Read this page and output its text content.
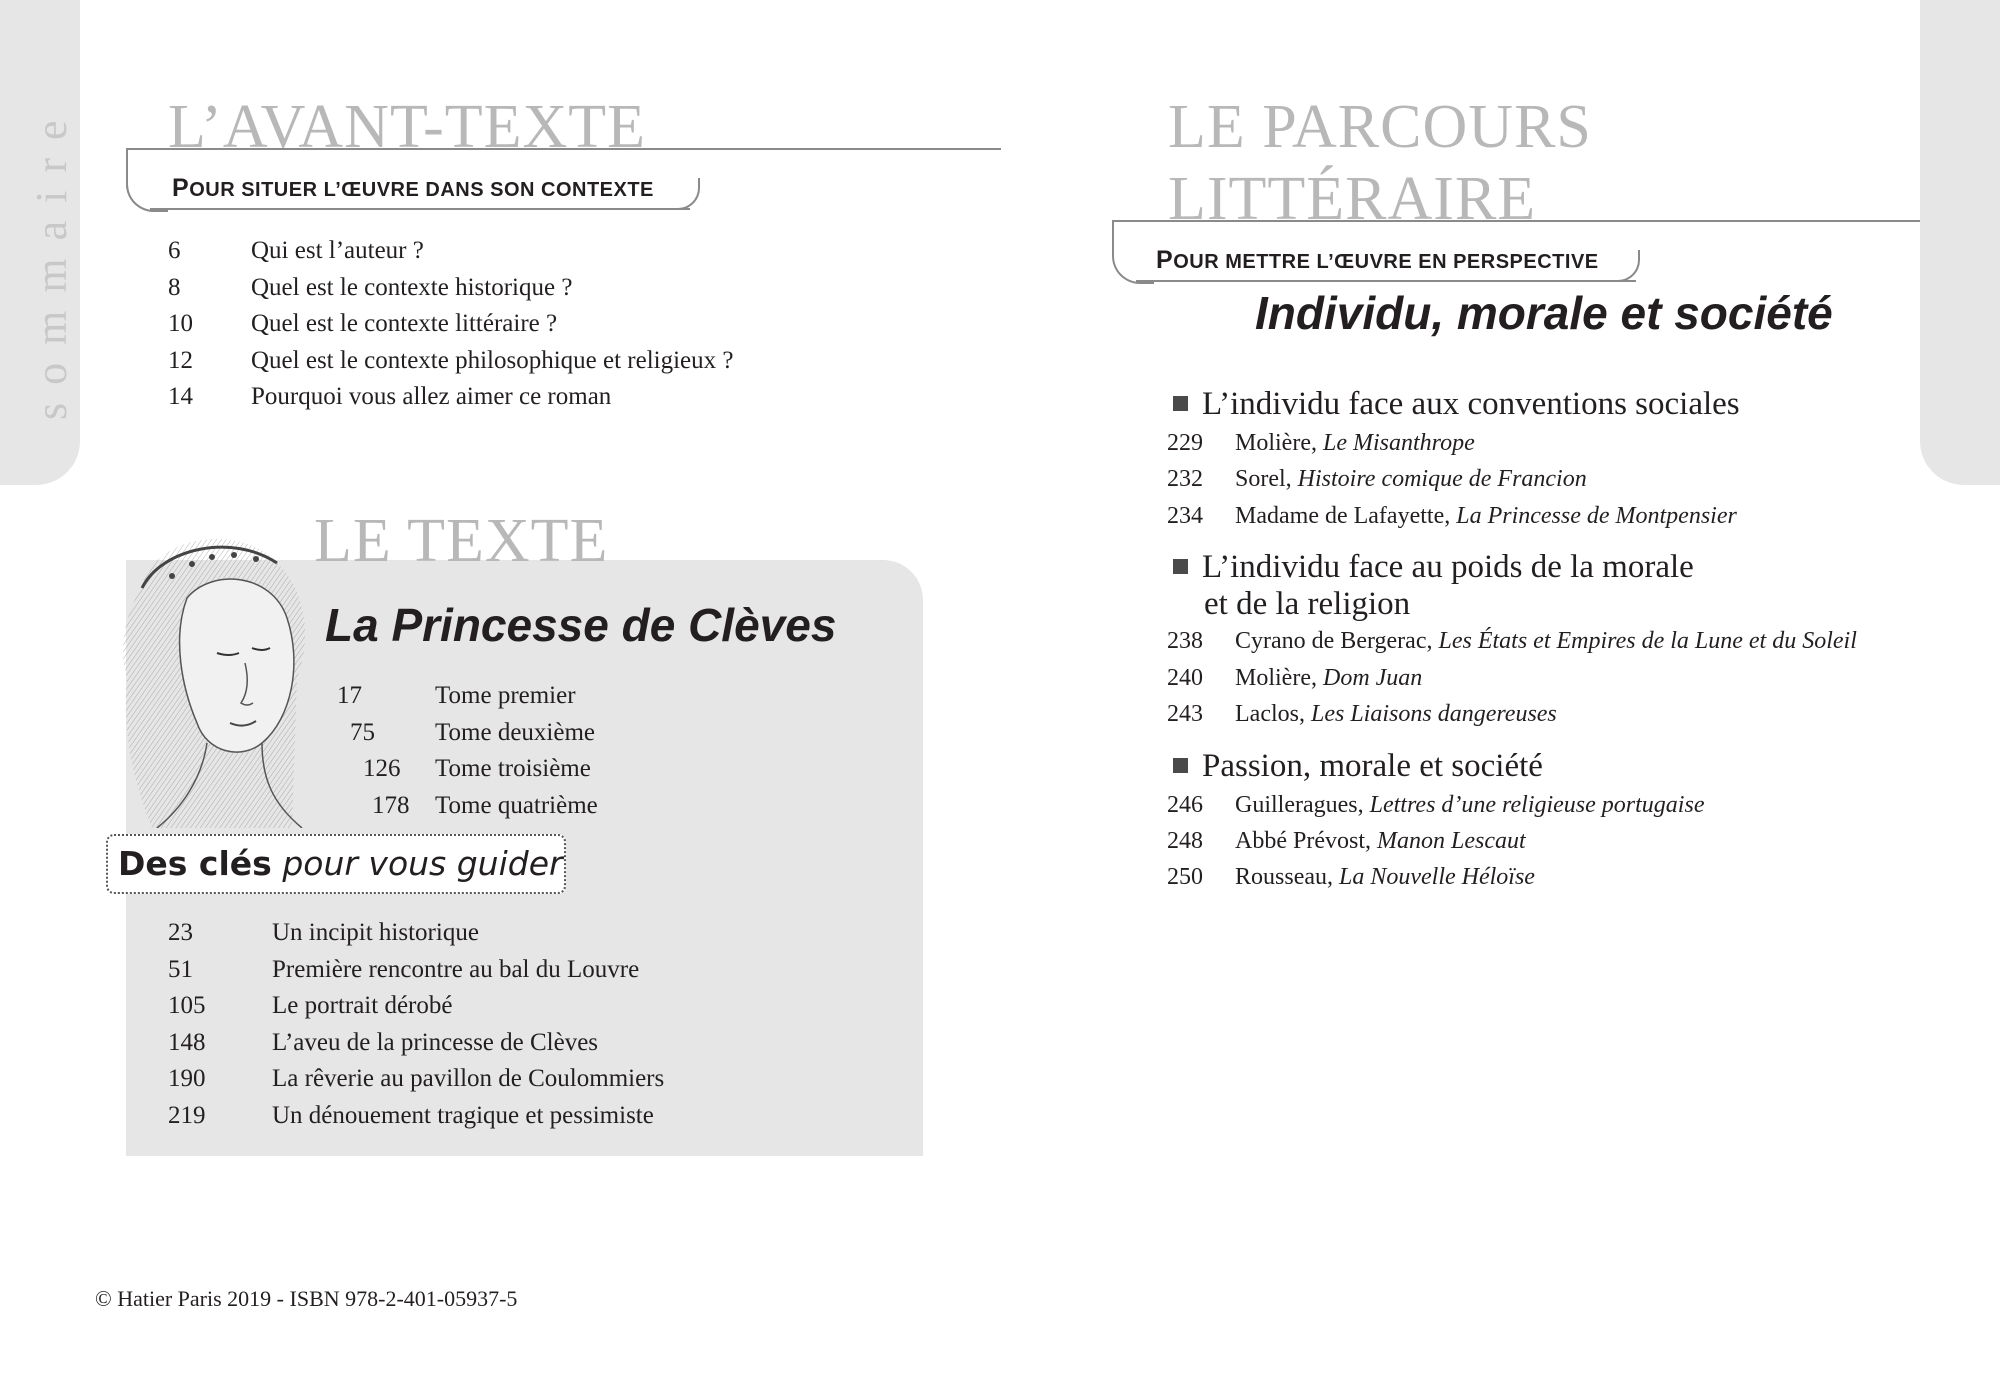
sommaire L’AVANT-TEXTE
POUR SITUER L’ŒUVRE DANS SON CONTEXTE
6	Qui est l’auteur ?
8	Quel est le contexte historique ?
10 Quel est le contexte littéraire ?
12 Quel est le contexte philosophique et religieux ?
14 Pourquoi vous allez aimer ce roman
LE TEXTE
La Princesse de Clèves
17	Tome premier
75 Tome deuxième
126 Tome troisième
178 Tome quatrième
Des clés pour vous guider
23	Un incipit historique
51	Première rencontre au bal du Louvre
105	Le portrait dérobé
148	L’aveu de la princesse de Clèves
190	La rêverie au pavillon de Coulommiers
219	Un dénouement tragique et pessimiste
LE PARCOURS
LITTÉRAIRE
POUR METTRE L’ŒUVRE EN PERSPECTIVE
Individu, morale et société
L’individu face aux conventions sociales
229 Molière, Le Misanthrope
232 Sorel, Histoire comique de Francion
234 Madame de Lafayette, La Princesse de Montpensier
L’individu face au poids de la morale
et de la religion
238 Cyrano de Bergerac, Les États et Empires de la Lune et du Soleil
240 Molière, Dom Juan
243 Laclos, Les Liaisons dangereuses
Passion, morale et société
246 Guilleragues, Lettres d’une religieuse portugaise
248 Abbé Prévost, Manon Lescaut
250 Rousseau, La Nouvelle Héloïse
© Hatier Paris 2019 - ISBN 978-2-401-05937-5
